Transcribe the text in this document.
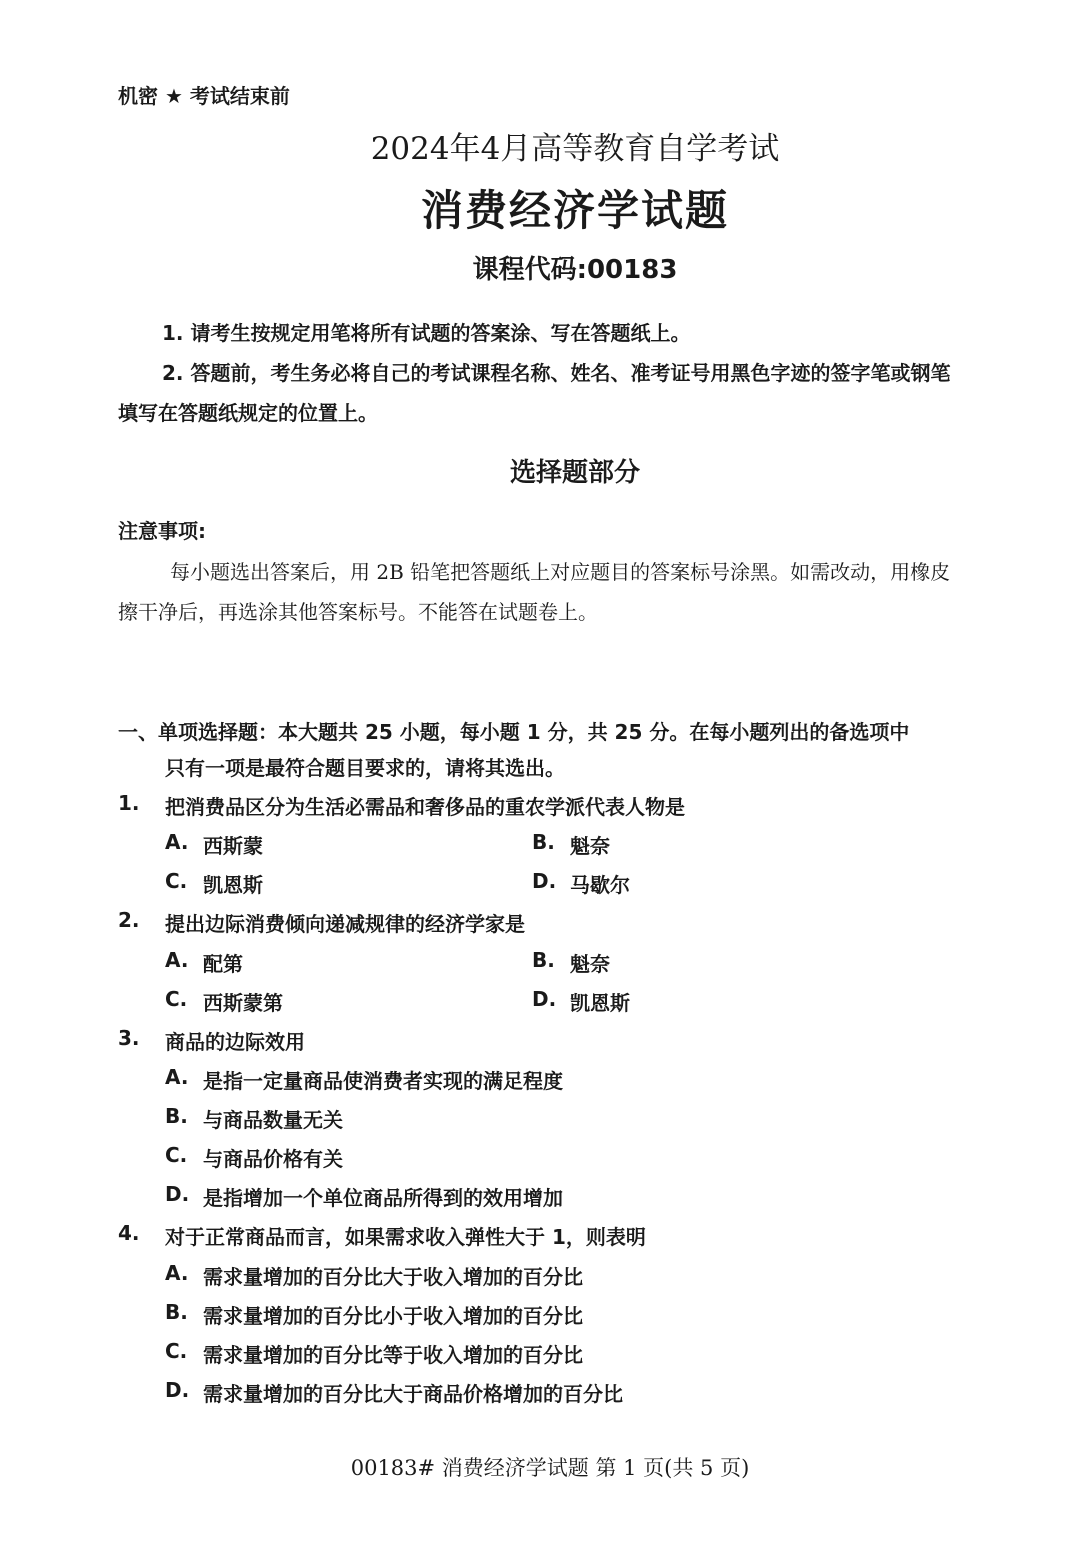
机密 ★ 考试结束前
2024年4月高等教育自学考试
消费经济学试题
课程代码:00183
1. 请考生按规定用笔将所有试题的答案涂、写在答题纸上。
2. 答题前，考生务必将自己的考试课程名称、姓名、准考证号用黑色字迹的签字笔或钢笔
填写在答题纸规定的位置上。
选择题部分
注意事项:
每小题选出答案后，用 2B 铅笔把答题纸上对应题目的答案标号涂黑。如需改动，用橡皮
擦干净后，再选涂其他答案标号。不能答在试题卷上。
一、单项选择题：本大题共 25 小题，每小题 1 分，共 25 分。在每小题列出的备选项中
只有一项是最符合题目要求的，请将其选出。
1. 把消费品区分为生活必需品和奢侈品的重农学派代表人物是
A. 西斯蒙	B. 魁奈
C. 凯恩斯	D. 马歇尔
2. 提出边际消费倾向递减规律的经济学家是
A. 配第	B. 魁奈
C. 西斯蒙第	D. 凯恩斯
3. 商品的边际效用
A. 是指一定量商品使消费者实现的满足程度
B. 与商品数量无关
C. 与商品价格有关
D. 是指增加一个单位商品所得到的效用增加
4. 对于正常商品而言，如果需求收入弹性大于 1，则表明
A. 需求量增加的百分比大于收入增加的百分比
B. 需求量增加的百分比小于收入增加的百分比
C. 需求量增加的百分比等于收入增加的百分比
D. 需求量增加的百分比大于商品价格增加的百分比
00183# 消费经济学试题 第 1 页(共 5 页)
